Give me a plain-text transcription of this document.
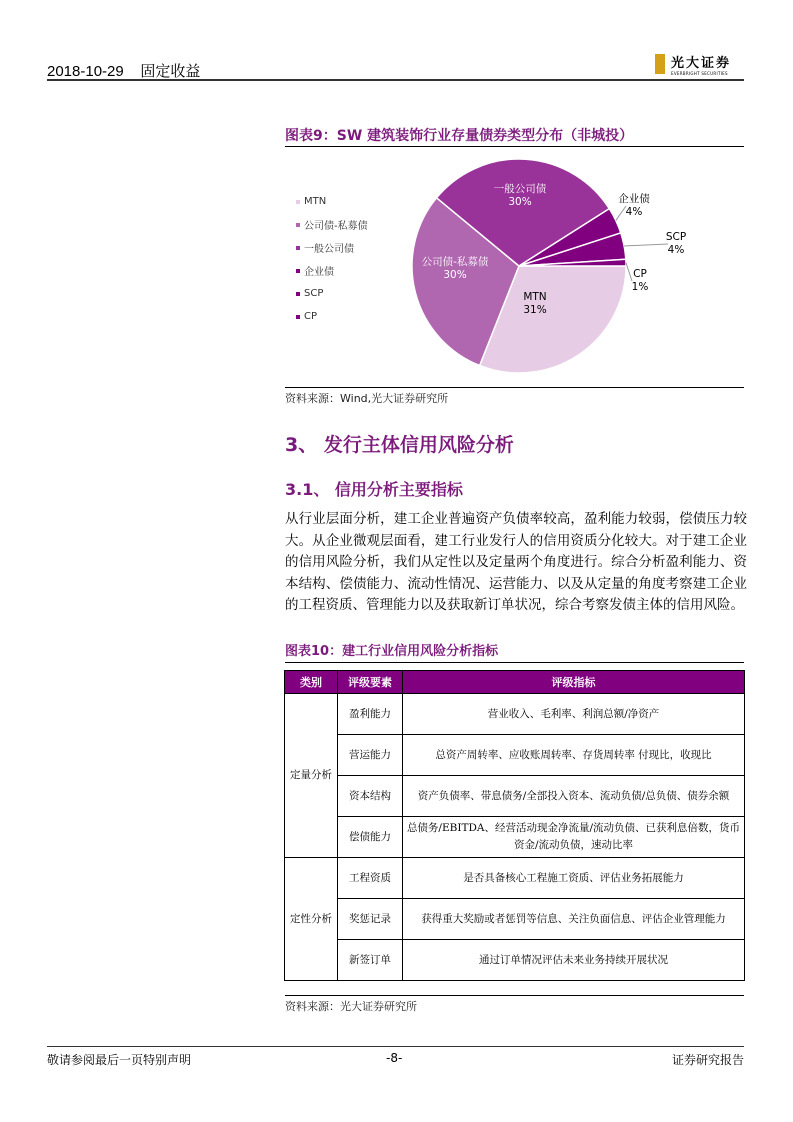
2018-10-29 固定收益	光大证券
EVERBRIGHT SECURITIES
图表9：SW 建筑装饰行业存量债券类型分布（非城投）
MTN
公司债-私募债
一般公司债
企业债
SCP
CP
MTN
31%
公司债-私募债
30%
一般公司债
30%	企业债
4%
SCP
4%
CP
1%
资料来源：Wind,光大证券研究所
3、 发行主体信用风险分析
3.1、 信用分析主要指标
从行业层面分析，建工企业普遍资产负债率较高，盈利能力较弱，偿债压力较大。从企业微观层面看，建工行业发行人的信用资质分化较大。对于建工企业的信用风险分析，我们从定性以及定量两个角度进行。综合分析盈利能力、资本结构、偿债能力、流动性情况、运营能力、以及从定量的角度考察建工企业的工程资质、管理能力以及获取新订单状况，综合考察发债主体的信用风险。
图表10：建工行业信用风险分析指标
类别	评级要素	评级指标
定量分析	盈利能力	营业收入、毛利率、利润总额/净资产
	营运能力	总资产周转率、应收账周转率、存货周转率 付现比，收现比
	资本结构	资产负债率、带息债务/全部投入资本、流动负债/总负债、债券余额
	偿债能力	总债务/EBITDA、经营活动现金净流量/流动负债、已获利息倍数，货币资金/流动负债，速动比率
定性分析	工程资质	是否具备核心工程施工资质、评估业务拓展能力
	奖惩记录	获得重大奖励或者惩罚等信息、关注负面信息、评估企业管理能力
	新签订单	通过订单情况评估未来业务持续开展状况
资料来源：光大证券研究所
敬请参阅最后一页特别声明	-8-	证券研究报告
